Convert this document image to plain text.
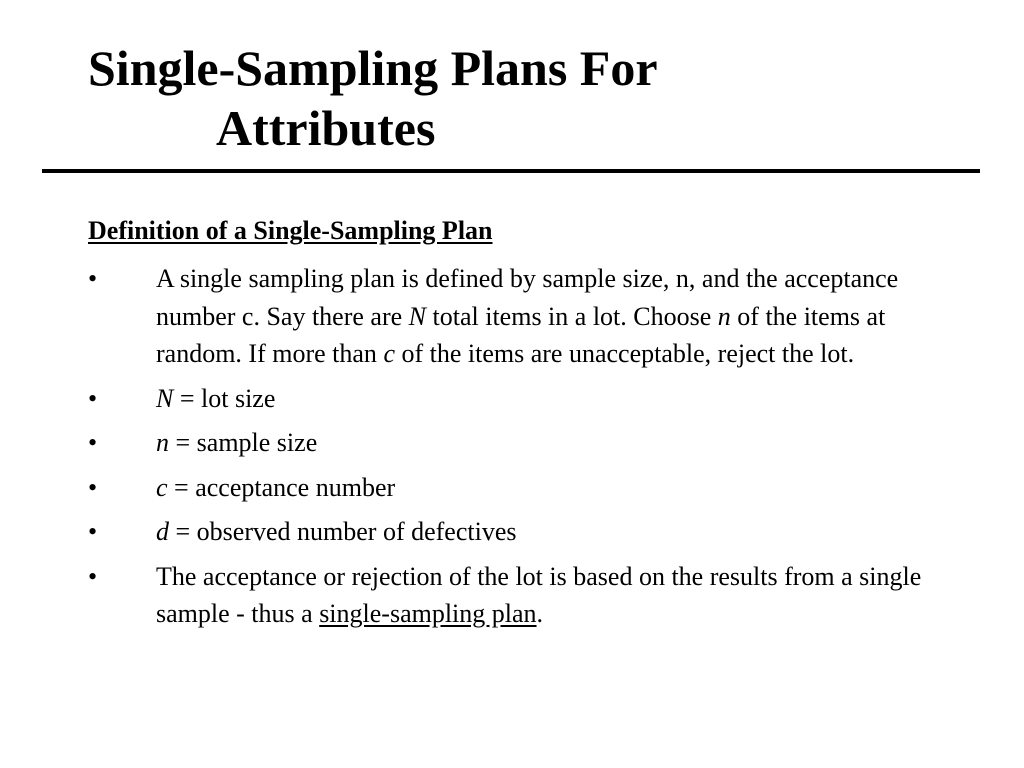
Single-Sampling Plans For
Attributes
Definition of a Single-Sampling Plan
• A single sampling plan is defined by sample size, n, and the acceptance number c. Say there are N total items in a lot. Choose n of the items at random. If more than c of the items are unacceptable, reject the lot.
• N = lot size
• n = sample size
• c = acceptance number
• d = observed number of defectives
• The acceptance or rejection of the lot is based on the results from a single sample - thus a single-sampling plan.
